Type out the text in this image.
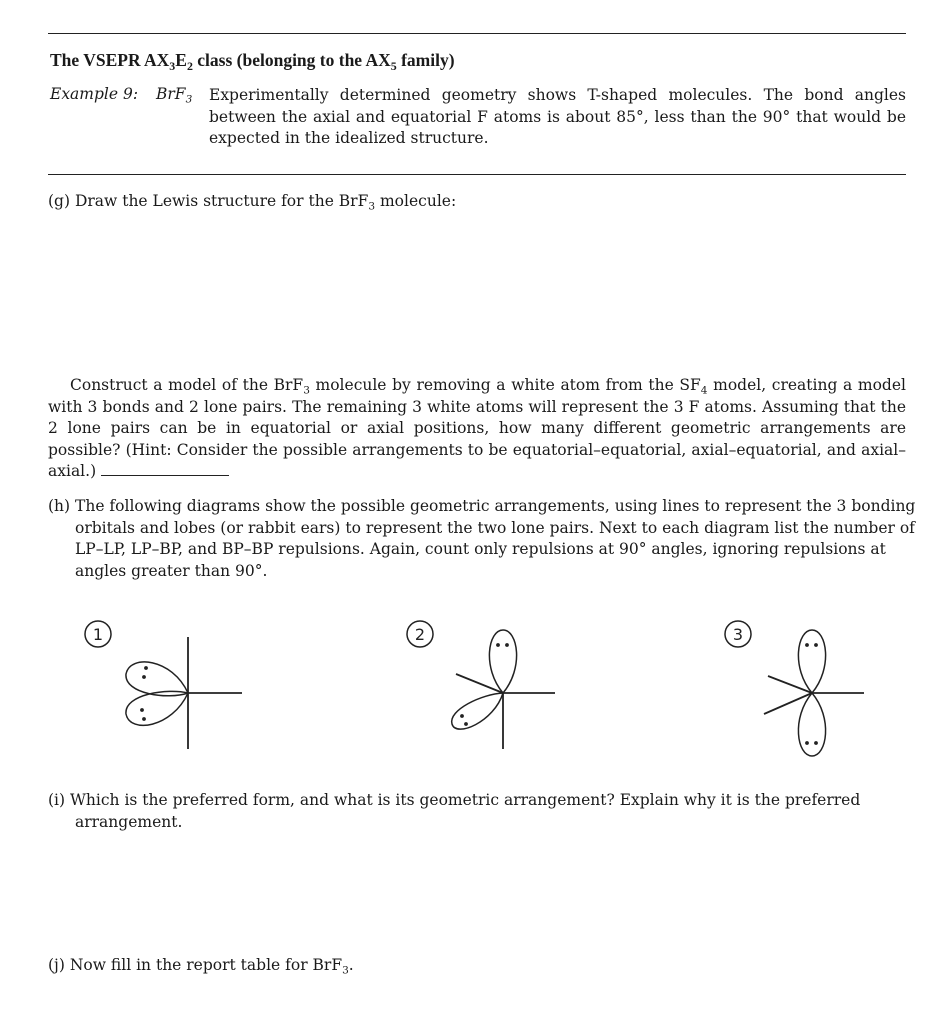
The VSEPR $AX_3E_2$ class (belonging to the $AX_5$ family)
Example 9: BrF$_3$ Experimentally determined geometry shows T-shaped molecules. The bond angles between the axial and equatorial F atoms is about 85°, less than the 90° that would be expected in the idealized structure.
(g) Draw the Lewis structure for the BrF$_3$ molecule:
Construct a model of the BrF$_3$ molecule by removing a white atom from the $SF_4$ model, creating a model with 3 bonds and 2 lone pairs. The remaining 3 white atoms will represent the 3 F atoms. Assuming that the 2 lone pairs can be in equatorial or axial positions, how many different geometric arrangements are possible? (Hint: Consider the possible arrangements to be equatorial–equatorial, axial–equatorial, and axial–axial.)
(h) The following diagrams show the possible geometric arrangements, using lines to represent the 3 bonding orbitals and lobes (or rabbit ears) to represent the two lone pairs. Next to each diagram list the number of LP–LP, LP–BP, and BP–BP repulsions. Again, count only repulsions at 90° angles, ignoring repulsions at angles greater than 90°.
1	2	3
(i) Which is the preferred form, and what is its geometric arrangement? Explain why it is the preferred arrangement.
(j) Now fill in the report table for BrF$_3$.
